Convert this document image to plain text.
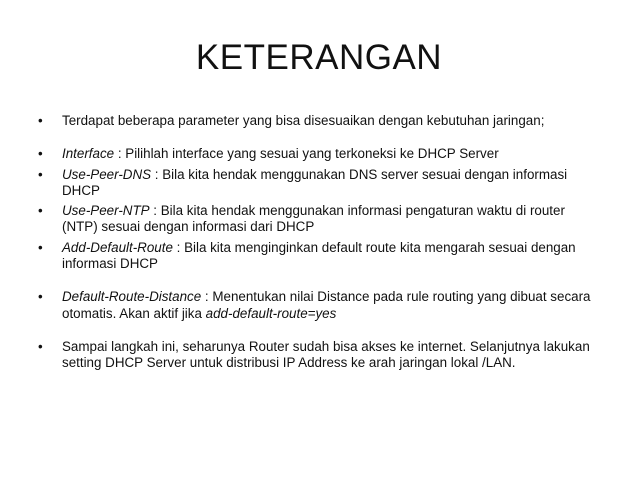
KETERANGAN
•	Terdapat beberapa parameter yang bisa disesuaikan dengan kebutuhan jaringan;
•	Interface : Pilihlah interface yang sesuai yang terkoneksi ke DHCP Server
•	Use-Peer-DNS : Bila kita hendak menggunakan DNS server sesuai dengan informasi DHCP
•	Use-Peer-NTP : Bila kita hendak menggunakan informasi pengaturan waktu di router (NTP) sesuai dengan informasi dari DHCP
•	Add-Default-Route : Bila kita menginginkan default route kita mengarah sesuai dengan informasi DHCP
•	Default-Route-Distance : Menentukan nilai Distance pada rule routing yang dibuat secara otomatis. Akan aktif jika add-default-route=yes
•	Sampai langkah ini, seharunya Router sudah bisa akses ke internet. Selanjutnya lakukan setting DHCP Server untuk distribusi IP Address ke arah jaringan lokal /LAN.
